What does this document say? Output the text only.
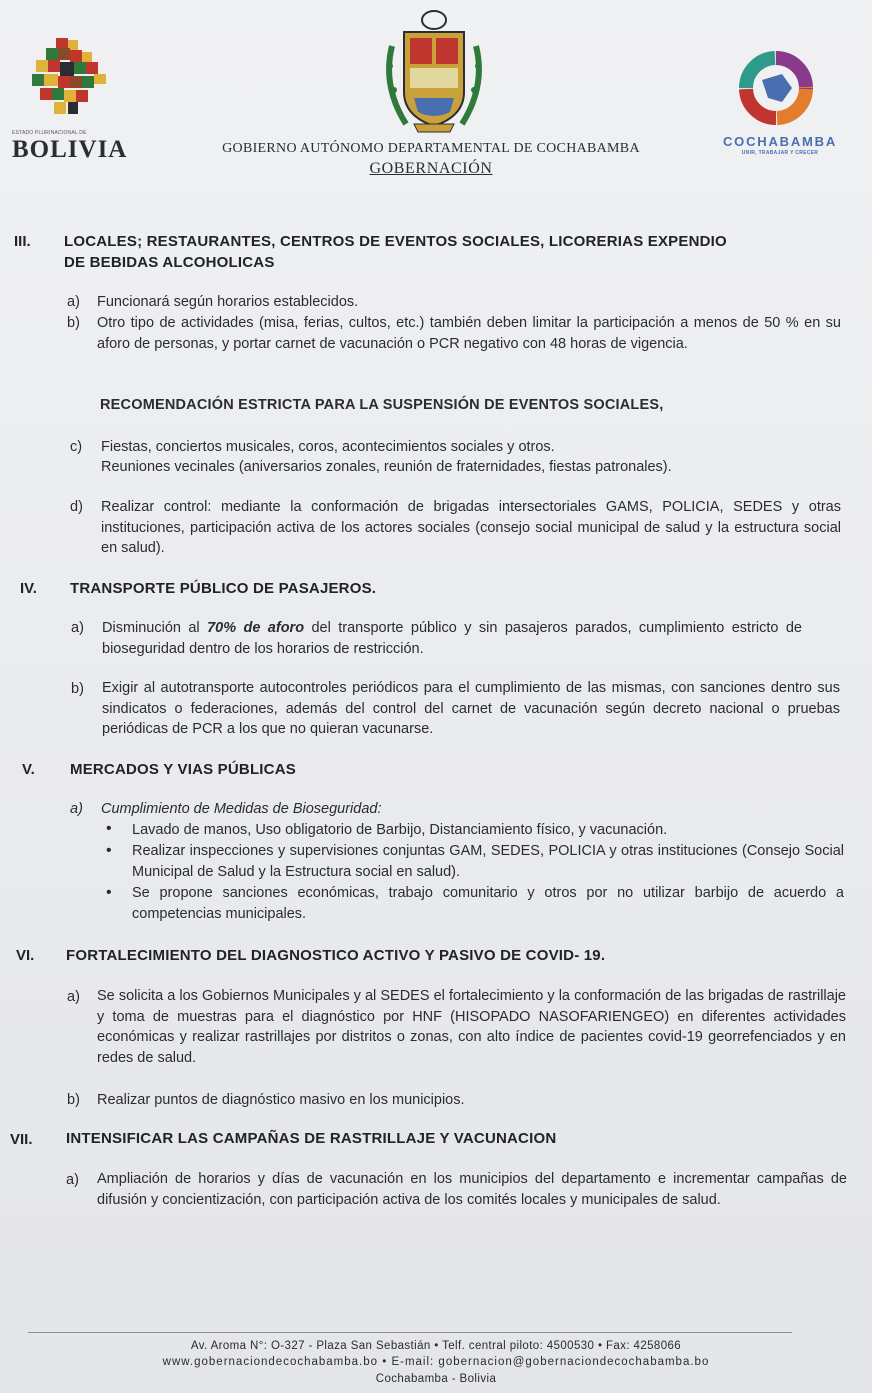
ESTADO PLURINACIONAL DE
BOLIVIA	GOBIERNO AUTÓNOMO DEPARTAMENTAL DE COCHABAMBA
GOBERNACIÓN
COCHABAMBA
UNIR, TRABAJAR Y CRECER
III. LOCALES; RESTAURANTES, CENTROS DE EVENTOS SOCIALES, LICORERIAS EXPENDIO
DE BEBIDAS ALCOHOLICAS
a) Funcionará según horarios establecidos.
b) Otro tipo de actividades (misa, ferias, cultos, etc.) también deben limitar la participación a menos de 50 % en su aforo de personas, y portar carnet de vacunación o PCR negativo con 48 horas de vigencia.
RECOMENDACIÓN ESTRICTA PARA LA SUSPENSIÓN DE EVENTOS SOCIALES,
c) Fiestas, conciertos musicales, coros, acontecimientos sociales y otros.
Reuniones vecinales (aniversarios zonales, reunión de fraternidades, fiestas patronales).
d) Realizar control: mediante la conformación de brigadas intersectoriales GAMS, POLICIA, SEDES y otras instituciones, participación activa de los actores sociales (consejo social municipal de salud y la estructura social en salud).
IV. TRANSPORTE PÚBLICO DE PASAJEROS.
a) Disminución al 70% de aforo del transporte público y sin pasajeros parados, cumplimiento estricto de bioseguridad dentro de los horarios de restricción.
b) Exigir al autotransporte autocontroles periódicos para el cumplimiento de las mismas, con sanciones dentro sus sindicatos o federaciones, además del control del carnet de vacunación según decreto nacional o pruebas periódicas de PCR a los que no quieran vacunarse.
V. MERCADOS Y VIAS PÚBLICAS
a) Cumplimiento de Medidas de Bioseguridad:
• Lavado de manos, Uso obligatorio de Barbijo, Distanciamiento físico, y vacunación.
• Realizar inspecciones y supervisiones conjuntas GAM, SEDES, POLICIA y otras instituciones (Consejo Social Municipal de Salud y la Estructura social en salud).
• Se propone sanciones económicas, trabajo comunitario y otros por no utilizar barbijo de acuerdo a competencias municipales.
VI. FORTALECIMIENTO DEL DIAGNOSTICO ACTIVO Y PASIVO DE COVID- 19.
a) Se solicita a los Gobiernos Municipales y al SEDES el fortalecimiento y la conformación de las brigadas de rastrillaje y toma de muestras para el diagnóstico por HNF (HISOPADO NASOFARIENGEO) en diferentes actividades económicas y realizar rastrillajes por distritos o zonas, con alto índice de pacientes covid-19 georrefenciados y en redes de salud.
b) Realizar puntos de diagnóstico masivo en los municipios.
VII. INTENSIFICAR LAS CAMPAÑAS DE RASTRILLAJE Y VACUNACION
a) Ampliación de horarios y días de vacunación en los municipios del departamento e incrementar campañas de difusión y concientización, con participación activa de los comités locales y municipales de salud.
Av. Aroma N°: O-327 - Plaza San Sebastián • Telf. central piloto: 4500530 • Fax: 4258066
www.gobernaciondecochabamba.bo • E-mail: gobernacion@gobernaciondecochabamba.bo
Cochabamba - Bolivia
